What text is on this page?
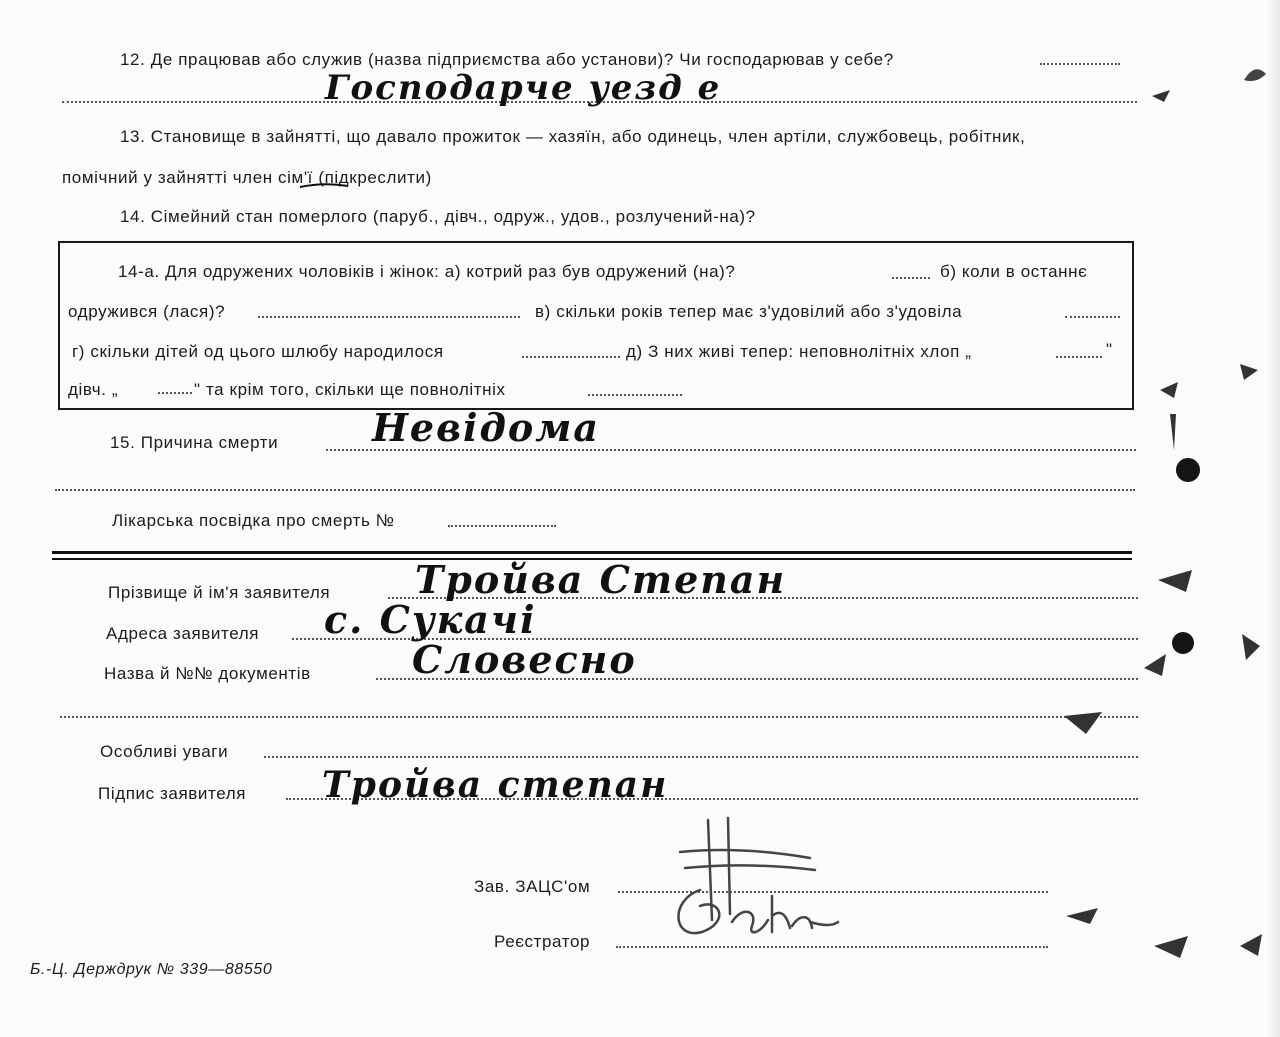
12. Де працював або служив (назва підприємства або установи)? Чи господарював у себе?
Господарче уезд е
13. Становище в зайнятті, що давало прожиток — хазяїн, або одинець, член артіли, службовець, робітник,
помічний у зайнятті член сім'ї (підкреслити)
14. Сімейний стан померлого (паруб., дівч., одруж., удов., розлучений-на)?
14-а. Для одружених чоловіків і жінок: а) котрий раз був одружений (на)?	б) коли в останнє
одружився (лася)?	в) скільки років тепер має з'удовілий або з'удовіла
г) скільки дітей од цього шлюбу народилося	д) З них живі тепер: неповнолітніх хлоп „	"
дівч. „	" та крім того, скільки ще повнолітніх
15. Причина смерти Невідома
Лікарська посвідка про смерть №
Прізвище й ім'я заявителя Тройва Степан
Адреса заявителя с. Сукачі
Назва й №№ документів	Словесно
Особливі уваги
Підпис заявителя Тройва степан
Зав. ЗАЦС'ом
Реєстратор
Б.-Ц. Держдрук № 339—88550
